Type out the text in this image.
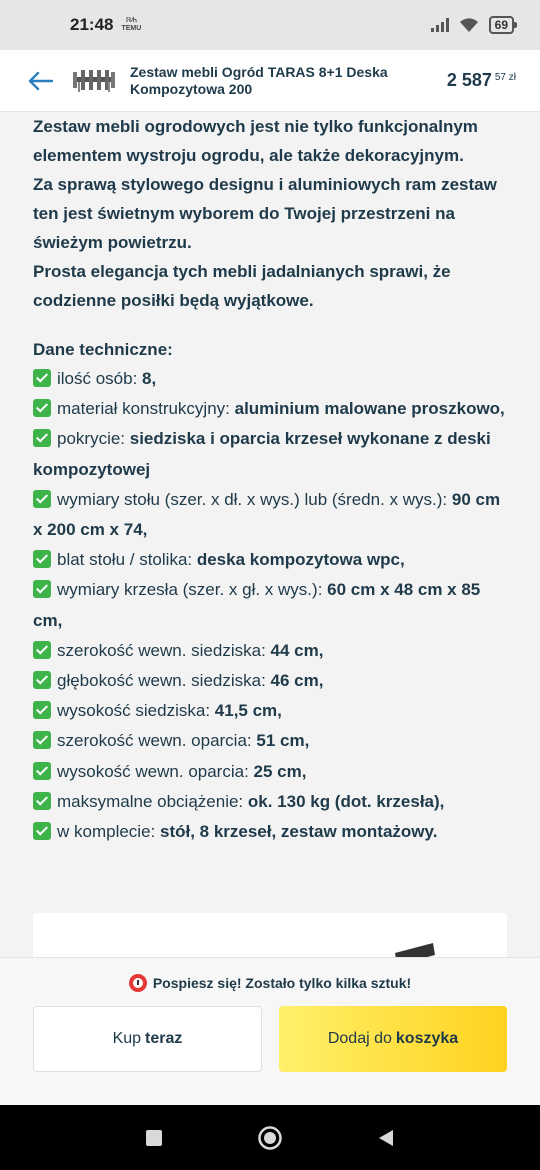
21:48	ℝ⁄Ꮒ
TEMU	69
Zestaw mebli Ogród TARAS 8+1 Deska Kompozytowa 200	2 587 57 zł

Zestaw mebli ogrodowych jest nie tylko funkcjonalnym elementem wystroju ogrodu, ale także dekoracyjnym.

Za sprawą stylowego designu i aluminiowych ram zestaw ten jest świetnym wyborem do Twojej przestrzeni na świeżym powietrzu.

Prosta elegancja tych mebli jadalnianych sprawi, że codzienne posiłki będą wyjątkowe.

Dane techniczne:

ilość osób: 8,

materiał konstrukcyjny: aluminium malowane proszkowo,

pokrycie: siedziska i oparcia krzeseł wykonane z deski kompozytowej

wymiary stołu (szer. x dł. x wys.) lub (średn. x wys.): 90 cm x 200 cm x 74,

blat stołu / stolika: deska kompozytowa wpc,

wymiary krzesła (szer. x gł. x wys.): 60 cm x 48 cm x 85 cm,

szerokość wewn. siedziska: 44 cm,

głębokość wewn. siedziska: 46 cm,

wysokość siedziska: 41,5 cm,

szerokość wewn. oparcia: 51 cm,

wysokość wewn. oparcia: 25 cm,

maksymalne obciążenie: ok. 130 kg (dot. krzesła),

w komplecie: stół, 8 krzeseł, zestaw montażowy.

Pospiesz się! Zostało tylko kilka sztuk!
Kup teraz	Dodaj do koszyka
